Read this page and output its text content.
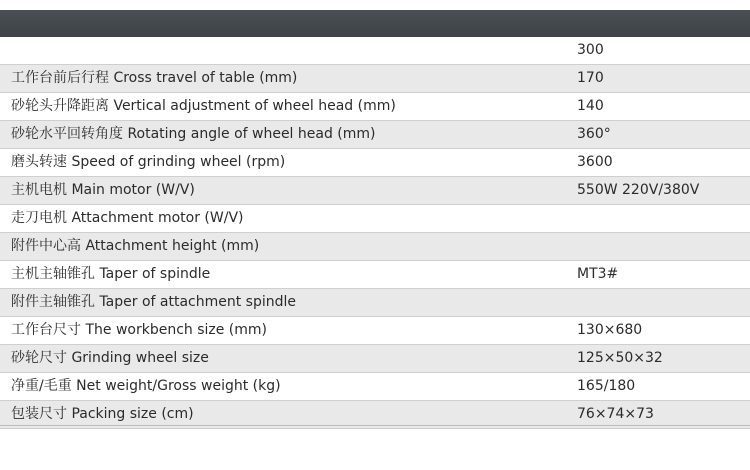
	300
工作台前后行程 Cross travel of table (mm)	170
砂轮头升降距离 Vertical adjustment of wheel head (mm)	140
砂轮水平回转角度 Rotating angle of wheel head (mm)	360°
磨头转速 Speed of grinding wheel (rpm)	3600
主机电机 Main motor (W/V)	550W 220V/380V
走刀电机 Attachment motor (W/V)	
附件中心高 Attachment height (mm)	
主机主轴锥孔 Taper of spindle	MT3#
附件主轴锥孔 Taper of attachment spindle	
工作台尺寸 The workbench size (mm)	130×680
砂轮尺寸 Grinding wheel size	125×50×32
净重/毛重 Net weight/Gross weight (kg)	165/180
包装尺寸 Packing size (cm)	76×74×73
